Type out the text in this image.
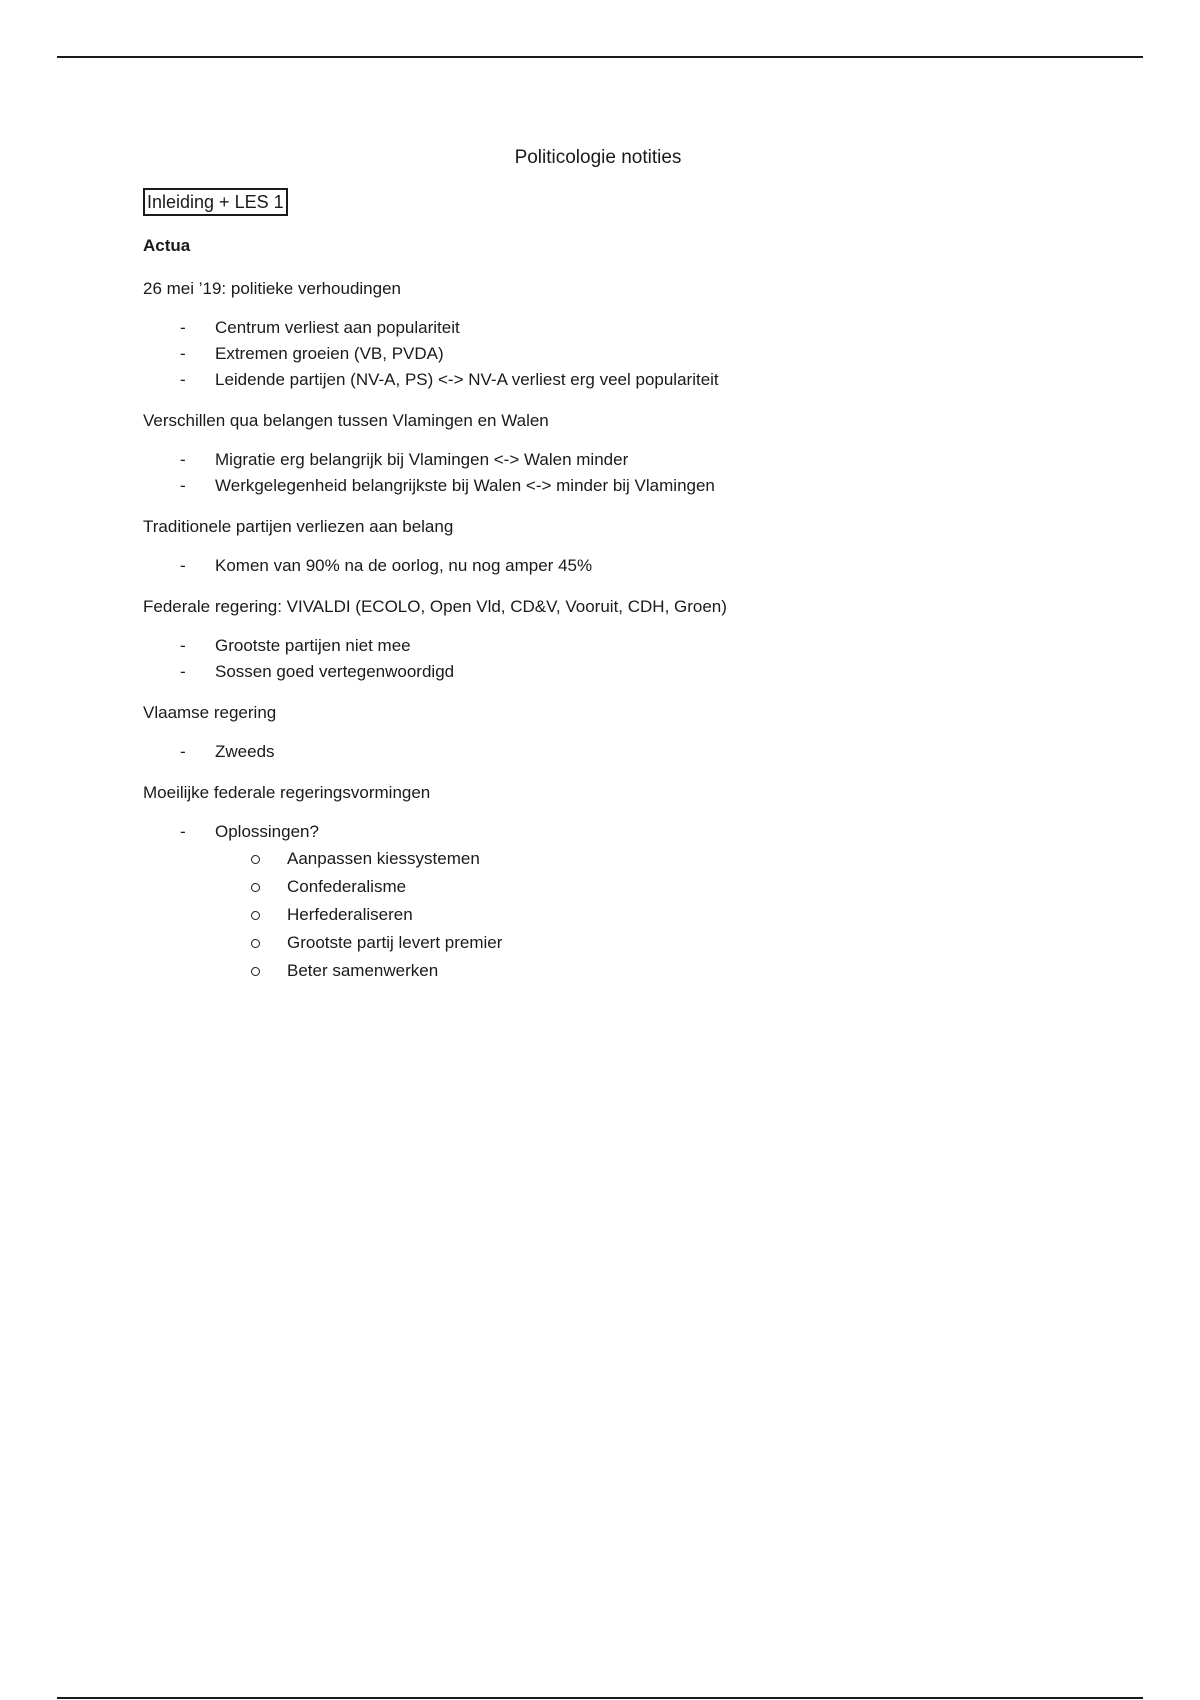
Politicologie notities
Inleiding + LES 1
Actua
26 mei ’19: politieke verhoudingen
- Centrum verliest aan populariteit
- Extremen groeien (VB, PVDA)
- Leidende partijen (NV-A, PS) <-> NV-A verliest erg veel populariteit
Verschillen qua belangen tussen Vlamingen en Walen
- Migratie erg belangrijk bij Vlamingen <-> Walen minder
- Werkgelegenheid belangrijkste bij Walen <-> minder bij Vlamingen
Traditionele partijen verliezen aan belang
- Komen van 90% na de oorlog, nu nog amper 45%
Federale regering: VIVALDI (ECOLO, Open Vld, CD&V, Vooruit, CDH, Groen)
- Grootste partijen niet mee
- Sossen goed vertegenwoordigd
Vlaamse regering
- Zweeds
Moeilijke federale regeringsvormingen
- Oplossingen?
Aanpassen kiessystemen
Confederalisme
Herfederaliseren
Grootste partij levert premier
Beter samenwerken
